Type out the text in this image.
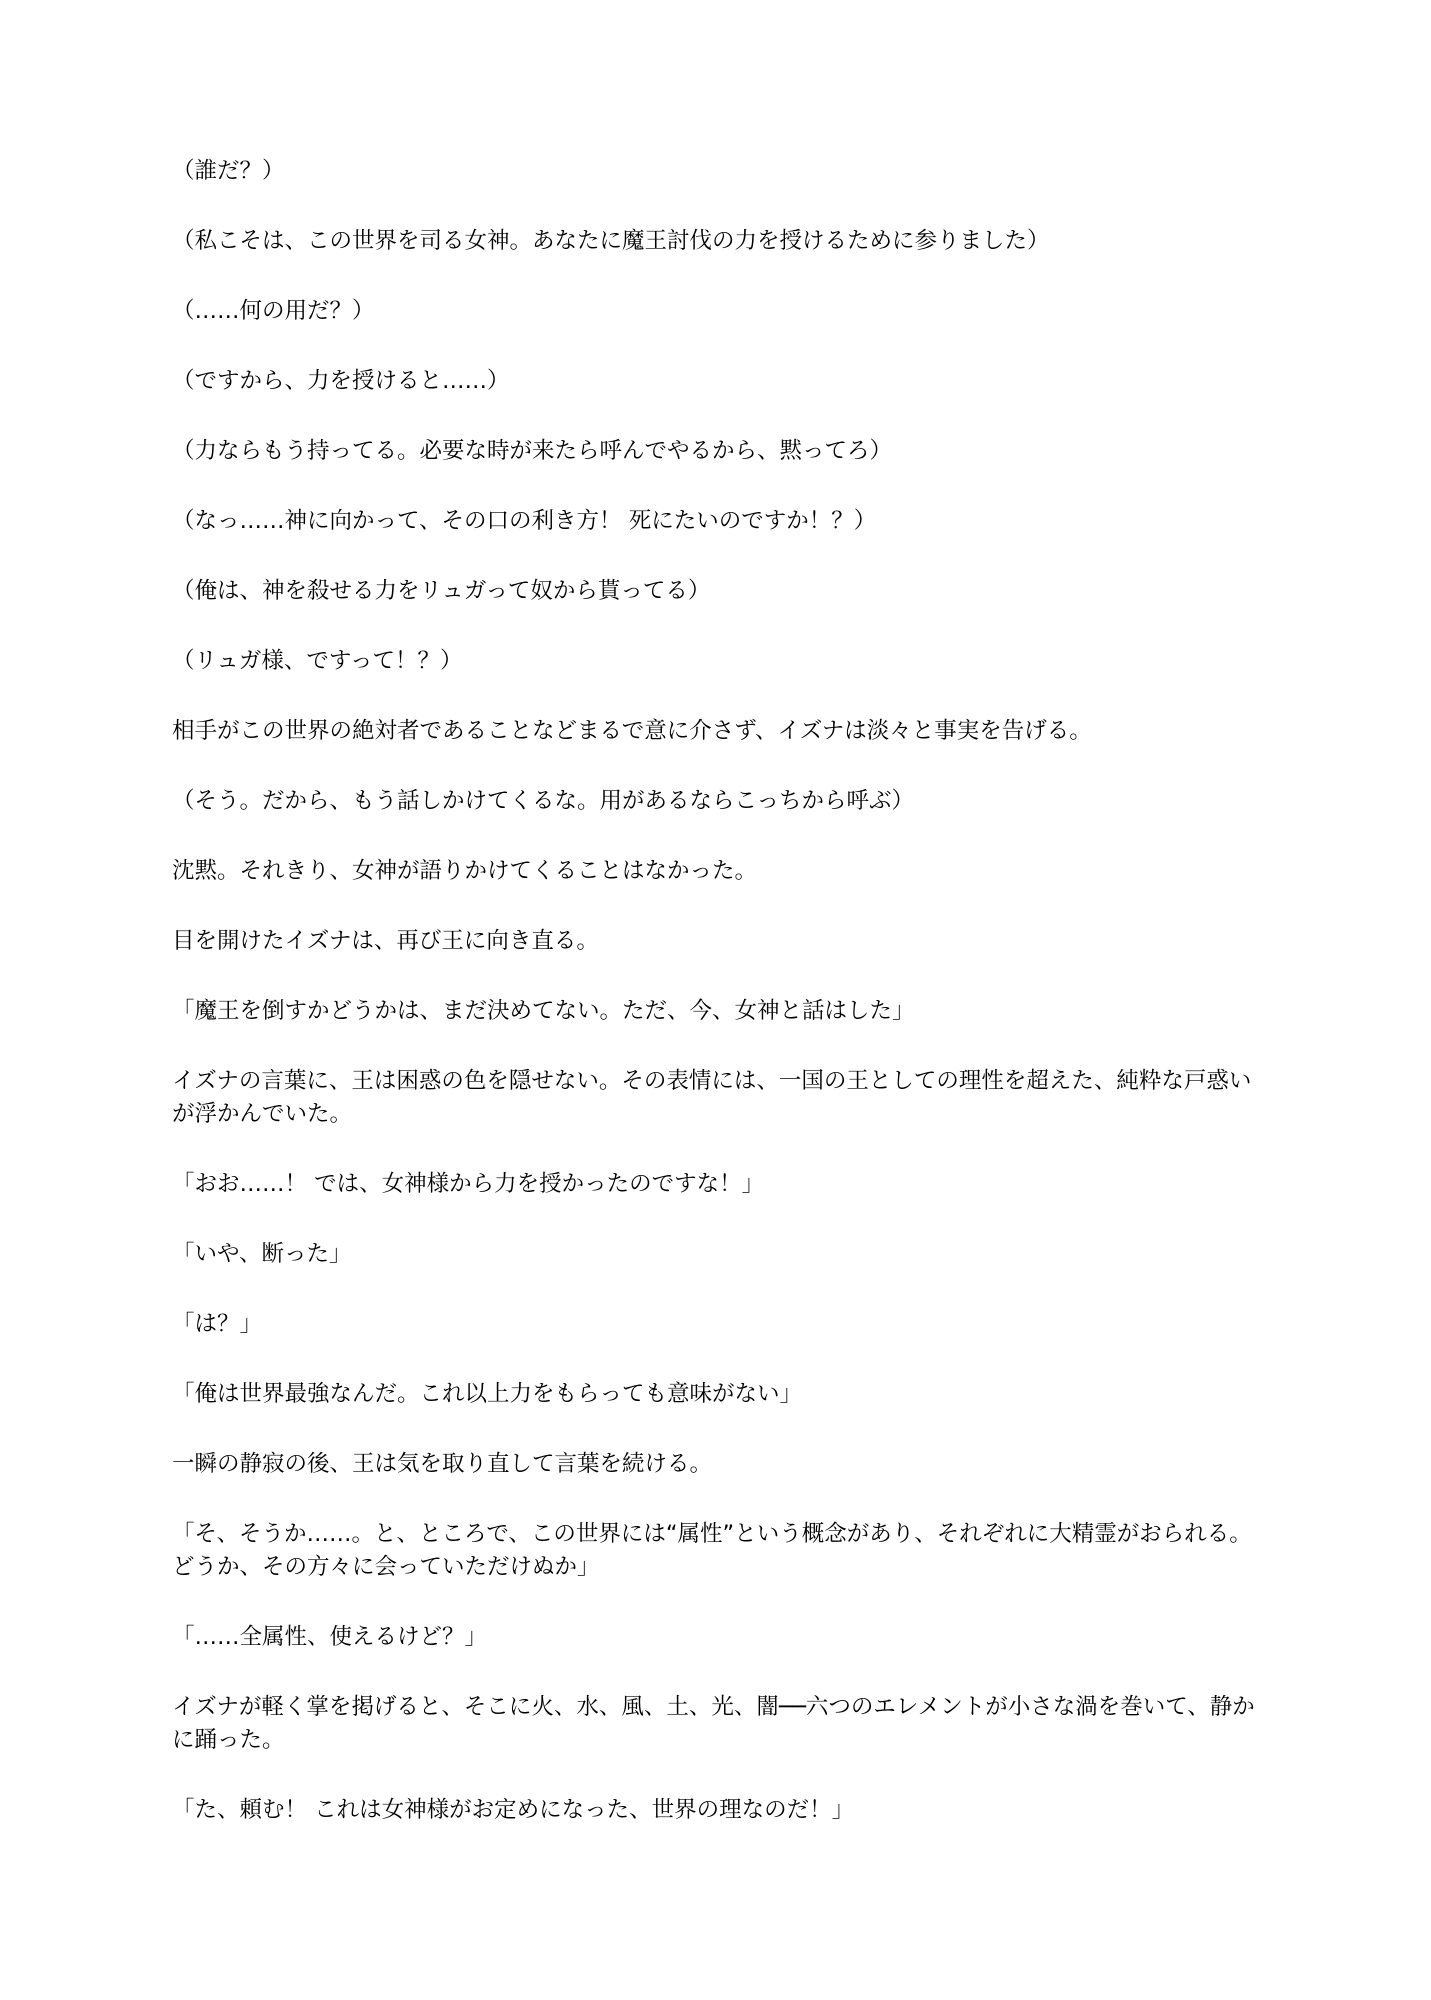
（誰だ？）

（私こそは、この世界を司る女神。あなたに魔王討伐の力を授けるために参りました）

（……何の用だ？）

（ですから、力を授けると……）

（力ならもう持ってる。必要な時が来たら呼んでやるから、黙ってろ）

（なっ……神に向かって、その口の利き方！ 死にたいのですか！？）

（俺は、神を殺せる力をリュガって奴から貰ってる）

（リュガ様、ですって！？）

相手がこの世界の絶対者であることなどまるで意に介さず、イズナは淡々と事実を告げる。

（そう。だから、もう話しかけてくるな。用があるならこっちから呼ぶ）

沈黙。それきり、女神が語りかけてくることはなかった。

目を開けたイズナは、再び王に向き直る。

「魔王を倒すかどうかは、まだ決めてない。ただ、今、女神と話はした」

イズナの言葉に、王は困惑の色を隠せない。その表情には、一国の王としての理性を超えた、純粋な戸惑いが浮かんでいた。

「おお……！ では、女神様から力を授かったのですな！」

「いや、断った」

「は？」

「俺は世界最強なんだ。これ以上力をもらっても意味がない」

一瞬の静寂の後、王は気を取り直して言葉を続ける。

「そ、そうか……。と、ところで、この世界には“属性”という概念があり、それぞれに大精霊がおられる。どうか、その方々に会っていただけぬか」

「……全属性、使えるけど？」

イズナが軽く掌を掲げると、そこに火、水、風、土、光、闇──六つのエレメントが小さな渦を巻いて、静かに踊った。

「た、頼む！ これは女神様がお定めになった、世界の理なのだ！」
